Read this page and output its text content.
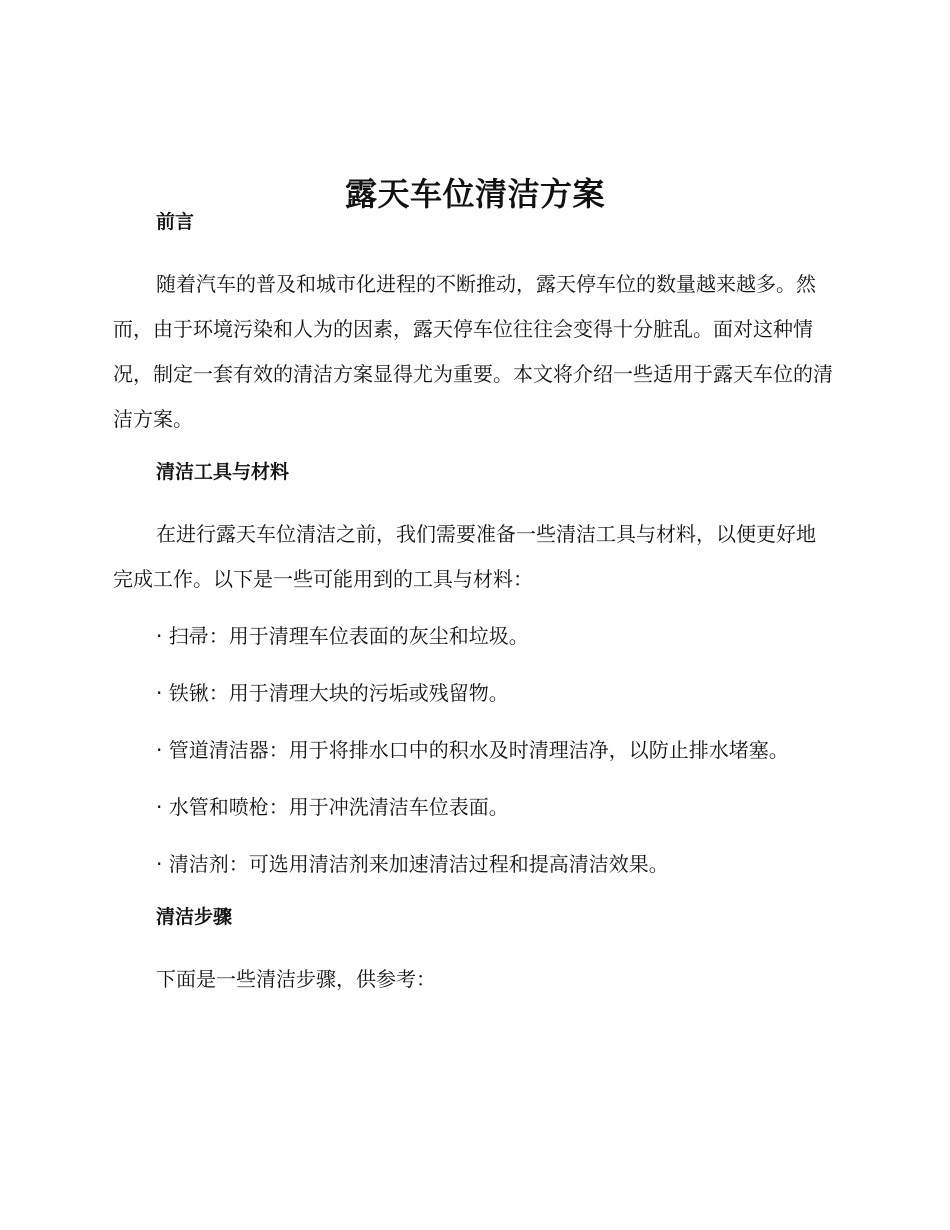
露天车位清洁方案

前言

随着汽车的普及和城市化进程的不断推动，露天停车位的数量越来越多。然而，由于环境污染和人为的因素，露天停车位往往会变得十分脏乱。面对这种情况，制定一套有效的清洁方案显得尤为重要。本文将介绍一些适用于露天车位的清洁方案。

清洁工具与材料

在进行露天车位清洁之前，我们需要准备一些清洁工具与材料，以便更好地完成工作。以下是一些可能用到的工具与材料：

· 扫帚：用于清理车位表面的灰尘和垃圾。

· 铁锹：用于清理大块的污垢或残留物。

· 管道清洁器：用于将排水口中的积水及时清理洁净，以防止排水堵塞。

· 水管和喷枪：用于冲洗清洁车位表面。

· 清洁剂：可选用清洁剂来加速清洁过程和提高清洁效果。

清洁步骤

下面是一些清洁步骤，供参考：
